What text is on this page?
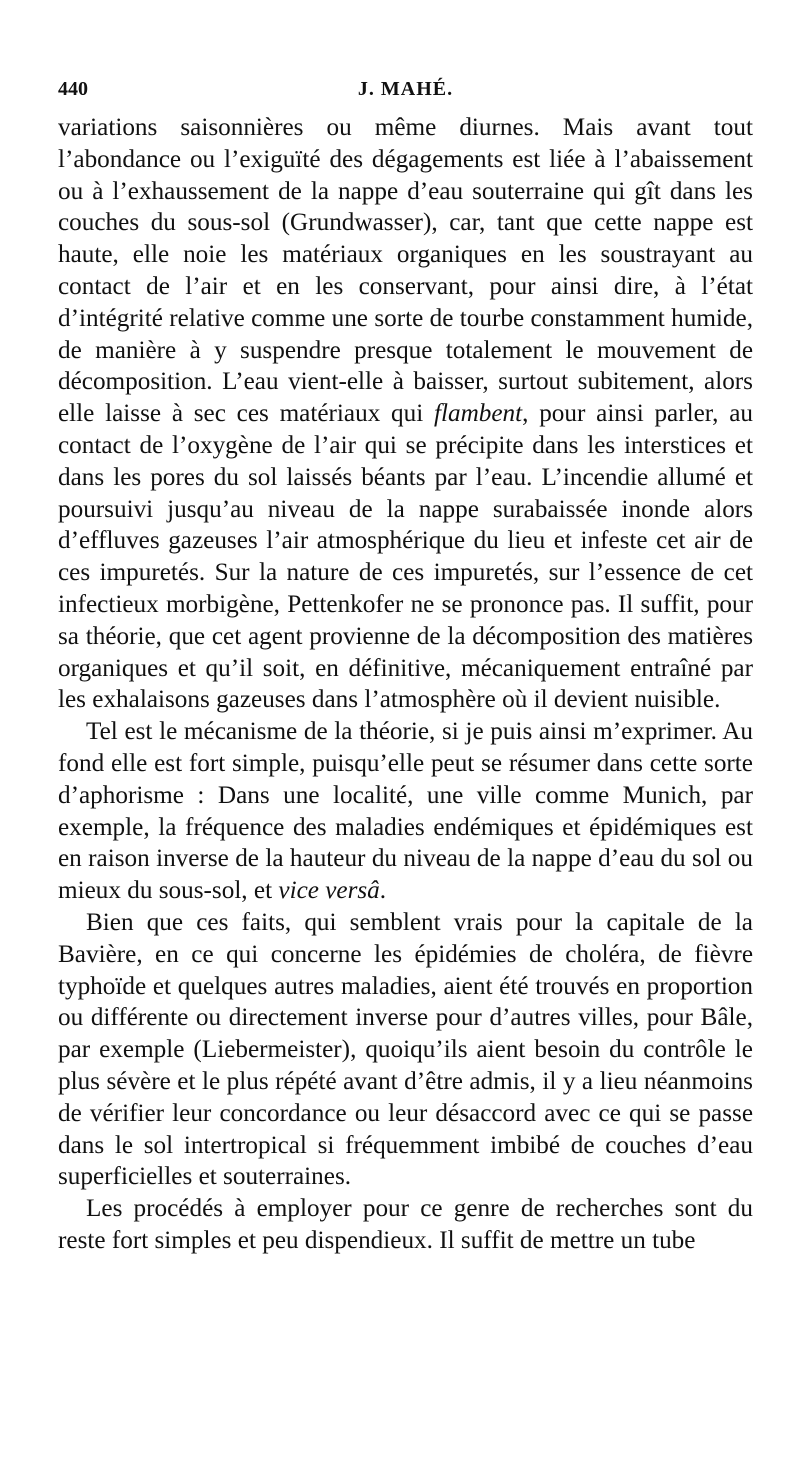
440	J. MAHÉ.

variations saisonnières ou même diurnes. Mais avant tout l’abondance ou l’exiguïté des dégagements est liée à l’abaissement ou à l’exhaussement de la nappe d’eau souterraine qui gît dans les couches du sous-sol (Grundwasser), car, tant que cette nappe est haute, elle noie les matériaux organiques en les soustrayant au contact de l’air et en les conservant, pour ainsi dire, à l’état d’intégrité relative comme une sorte de tourbe constamment humide, de manière à y suspendre presque totalement le mouvement de décomposition. L’eau vient-elle à baisser, surtout subitement, alors elle laisse à sec ces matériaux qui flambent, pour ainsi parler, au contact de l’oxygène de l’air qui se précipite dans les interstices et dans les pores du sol laissés béants par l’eau. L’incendie allumé et poursuivi jusqu’au niveau de la nappe surabaissée inonde alors d’effluves gazeuses l’air atmosphérique du lieu et infeste cet air de ces impuretés. Sur la nature de ces impuretés, sur l’essence de cet infectieux morbigène, Pettenkofer ne se prononce pas. Il suffit, pour sa théorie, que cet agent provienne de la décomposition des matières organiques et qu’il soit, en définitive, mécaniquement entraîné par les exhalaisons gazeuses dans l’atmosphère où il devient nuisible.

Tel est le mécanisme de la théorie, si je puis ainsi m’exprimer. Au fond elle est fort simple, puisqu’elle peut se résumer dans cette sorte d’aphorisme : Dans une localité, une ville comme Munich, par exemple, la fréquence des maladies endémiques et épidémiques est en raison inverse de la hauteur du niveau de la nappe d’eau du sol ou mieux du sous-sol, et vice versâ.

Bien que ces faits, qui semblent vrais pour la capitale de la Bavière, en ce qui concerne les épidémies de choléra, de fièvre typhoïde et quelques autres maladies, aient été trouvés en proportion ou différente ou directement inverse pour d’autres villes, pour Bâle, par exemple (Liebermeister), quoiqu’ils aient besoin du contrôle le plus sévère et le plus répété avant d’être admis, il y a lieu néanmoins de vérifier leur concordance ou leur désaccord avec ce qui se passe dans le sol intertropical si fréquemment imbibé de couches d’eau superficielles et souterraines.

Les procédés à employer pour ce genre de recherches sont du reste fort simples et peu dispendieux. Il suffit de mettre un tube
